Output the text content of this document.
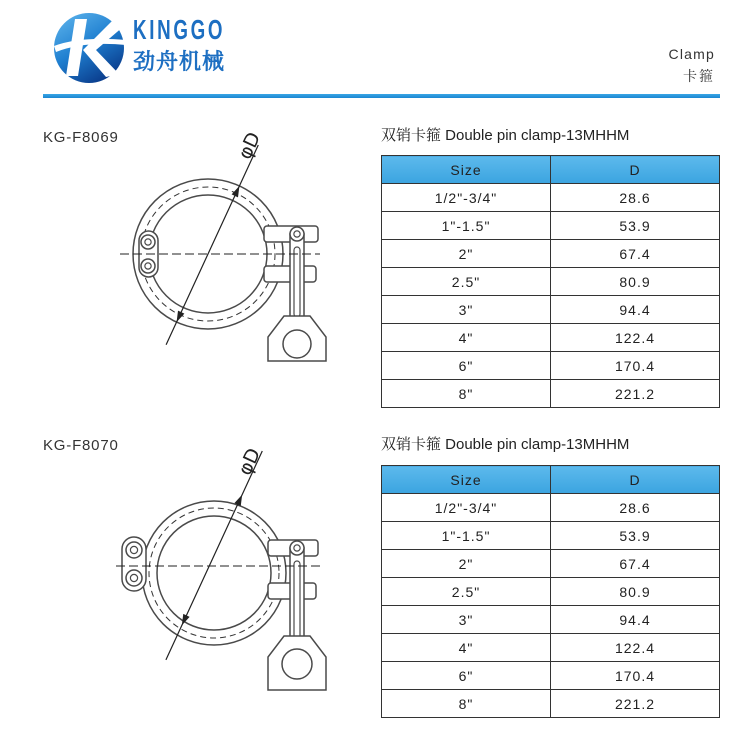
KINGGO
劲舟机械	Clamp
卡箍
KG-F8069	φD	双销卡箍 Double pin clamp-13MHHM
Size	D
1/2"-3/4"	28.6
1"-1.5"	53.9
2"	67.4
2.5"	80.9
3"	94.4
4"	122.4
6"	170.4
8"	221.2
KG-F8070	φD
双销卡箍 Double pin clamp-13MHHM
Size	D
1/2"-3/4"	28.6
1"-1.5"	53.9
2"	67.4
2.5"	80.9
3"	94.4
4"	122.4
6"	170.4
8"	221.2
